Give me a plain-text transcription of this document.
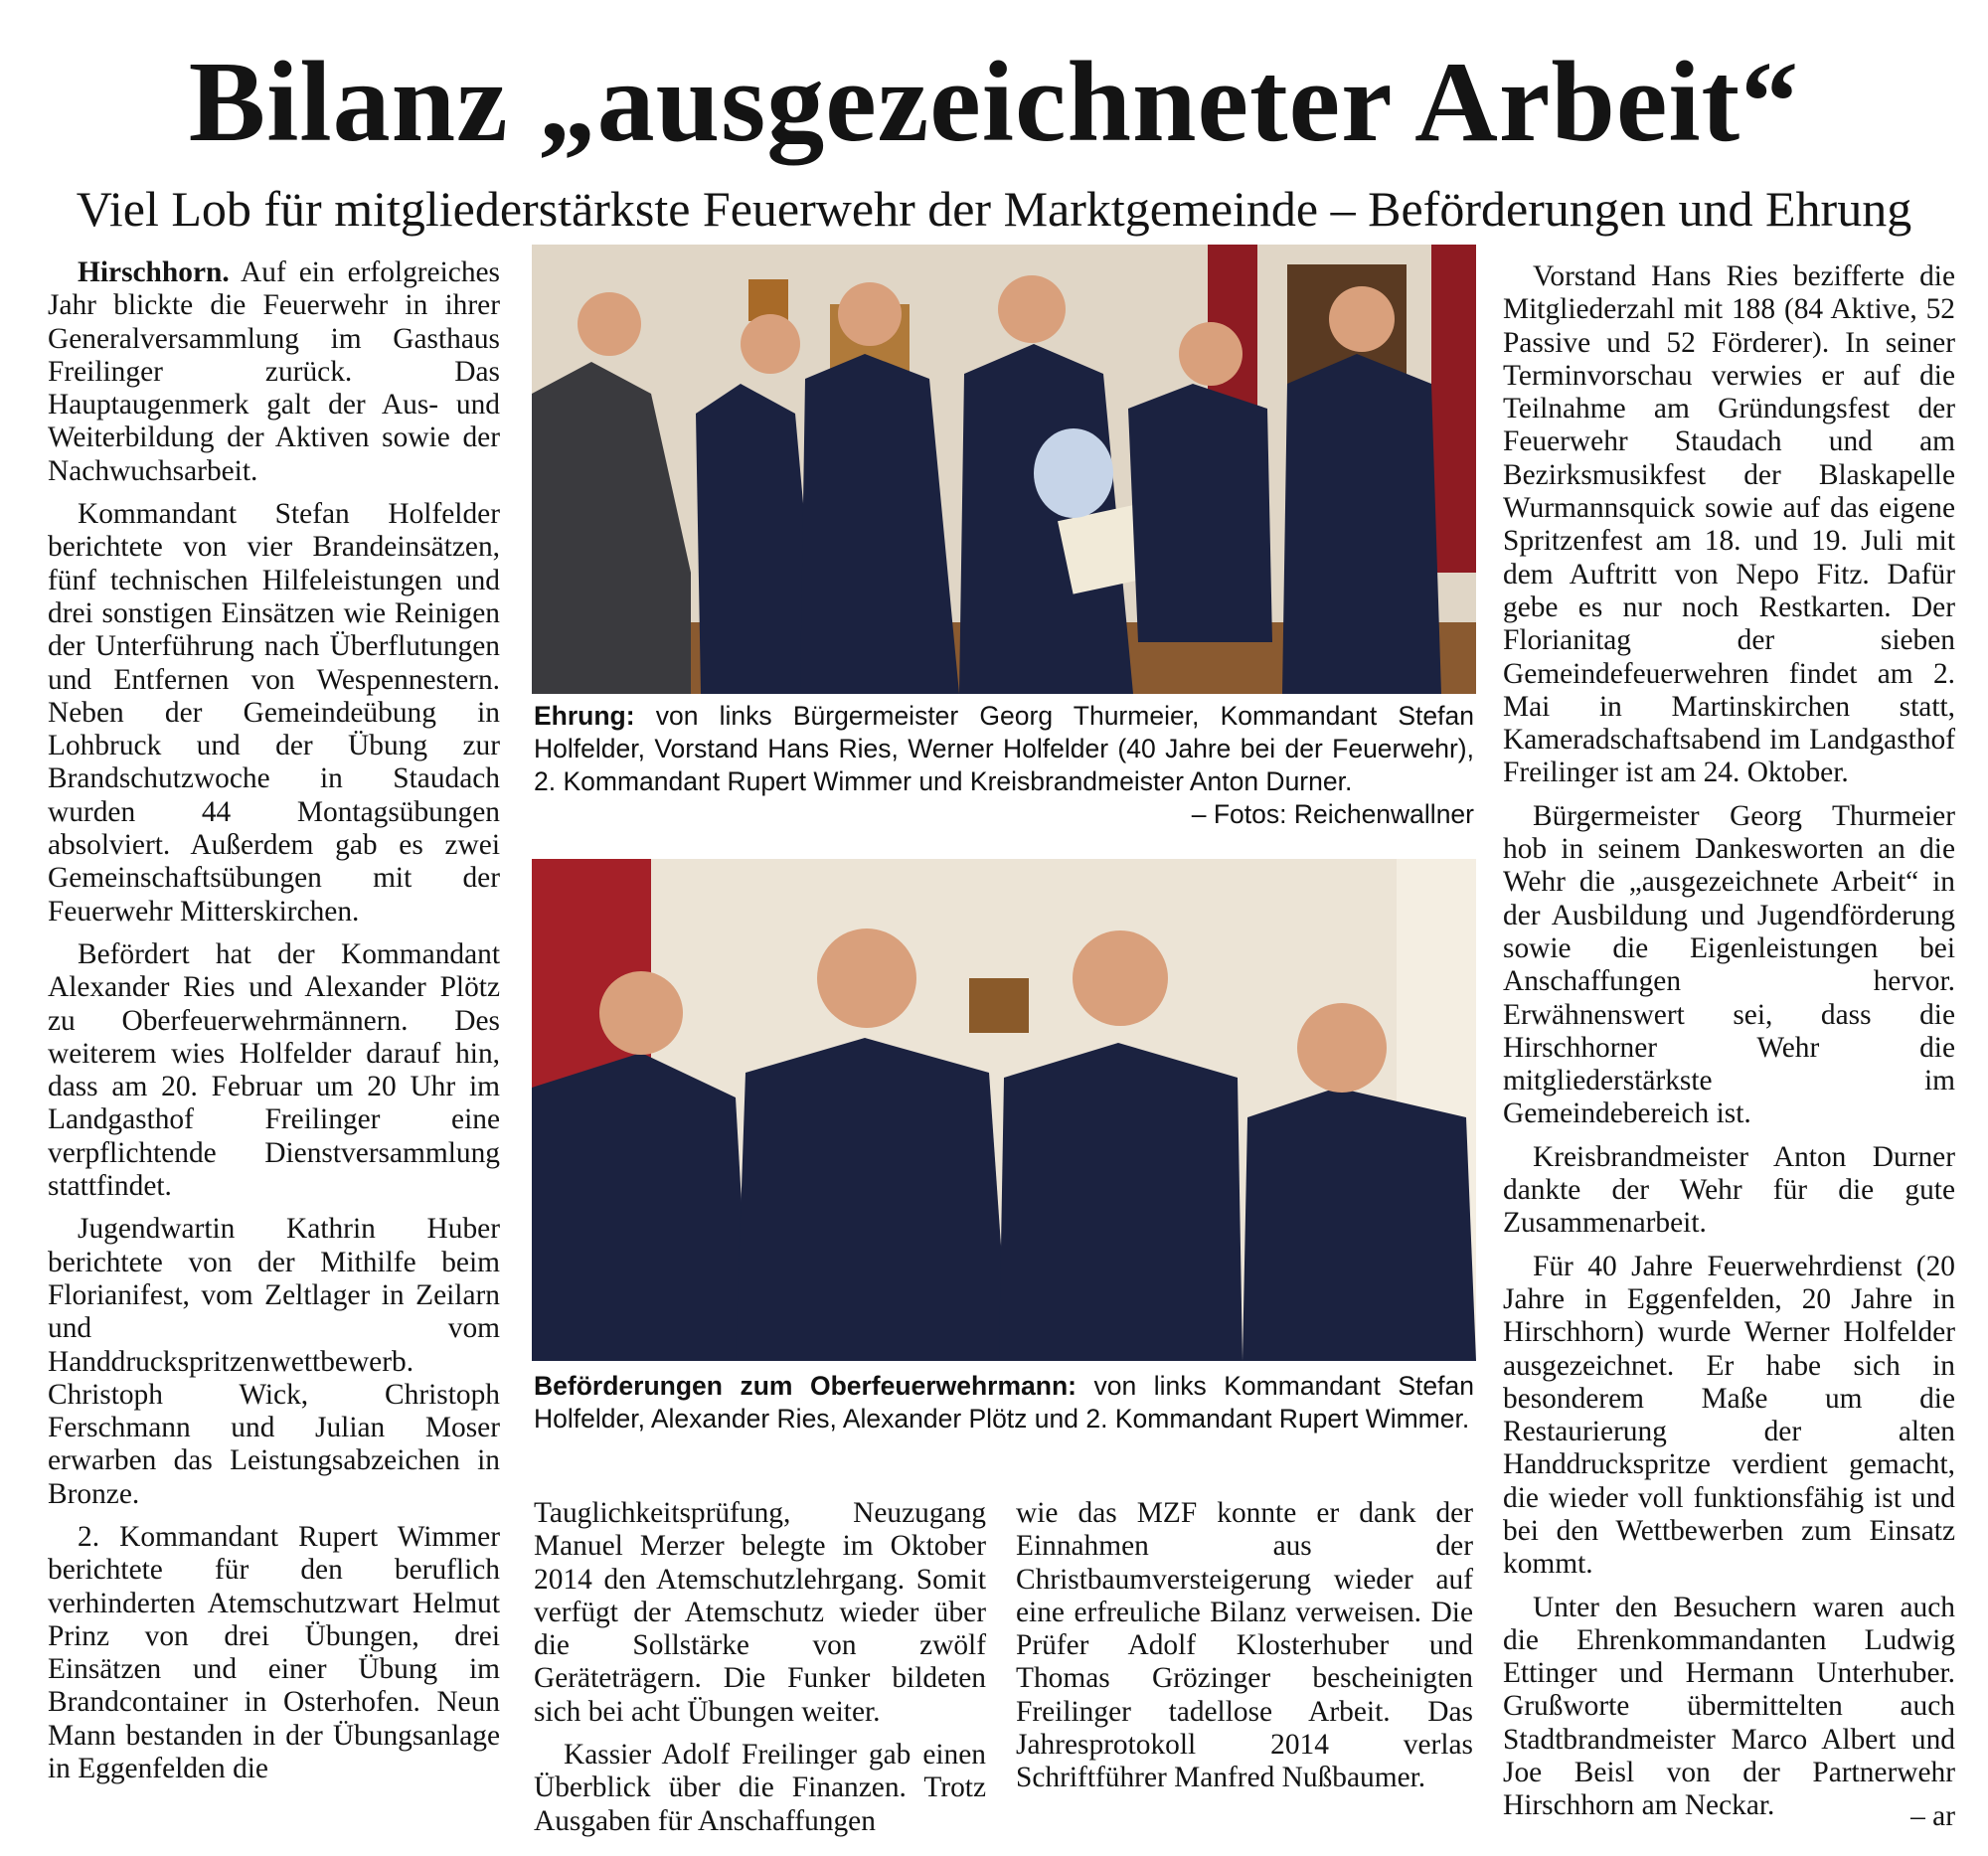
Bilanz „ausgezeichneter Arbeit“
Viel Lob für mitgliederstärkste Feuerwehr der Marktgemeinde – Beförderungen und Ehrung

Hirschhorn. Auf ein erfolgreiches Jahr blickte die Feuerwehr in ihrer Generalversammlung im Gasthaus Freilinger zurück. Das Hauptaugenmerk galt der Aus- und Weiterbildung der Aktiven sowie der Nachwuchsarbeit.

Kommandant Stefan Holfelder berichtete von vier Brandeinsätzen, fünf technischen Hilfeleistungen und drei sonstigen Einsätzen wie Reinigen der Unterführung nach Überflutungen und Entfernen von Wespennestern. Neben der Gemeindeübung in Lohbruck und der Übung zur Brandschutzwoche in Staudach wurden 44 Montagsübungen absolviert. Außerdem gab es zwei Gemeinschaftsübungen mit der Feuerwehr Mitterskirchen.

Befördert hat der Kommandant Alexander Ries und Alexander Plötz zu Oberfeuerwehrmännern. Des weiterem wies Holfelder darauf hin, dass am 20. Februar um 20 Uhr im Landgasthof Freilinger eine verpflichtende Dienstversammlung stattfindet.

Jugendwartin Kathrin Huber berichtete von der Mithilfe beim Florianifest, vom Zeltlager in Zeilarn und vom Handdruckspritzenwettbewerb. Christoph Wick, Christoph Ferschmann und Julian Moser erwarben das Leistungsabzeichen in Bronze.

2. Kommandant Rupert Wimmer berichtete für den beruflich verhinderten Atemschutzwart Helmut Prinz von drei Übungen, drei Einsätzen und einer Übung im Brandcontainer in Osterhofen. Neun Mann bestanden in der Übungsanlage in Eggenfelden die

Ehrung: von links Bürgermeister Georg Thurmeier, Kommandant Stefan Holfelder, Vorstand Hans Ries, Werner Holfelder (40 Jahre bei der Feuerwehr), 2. Kommandant Rupert Wimmer und Kreisbrandmeister Anton Durner.
– Fotos: Reichenwallner
Beförderungen zum Oberfeuerwehrmann: von links Kommandant Stefan Holfelder, Alexander Ries, Alexander Plötz und 2. Kommandant Rupert Wimmer.

Tauglichkeitsprüfung, Neuzugang Manuel Merzer belegte im Oktober 2014 den Atemschutzlehrgang. Somit verfügt der Atemschutz wieder über die Sollstärke von zwölf Geräteträgern. Die Funker bildeten sich bei acht Übungen weiter.

Kassier Adolf Freilinger gab einen Überblick über die Finanzen. Trotz Ausgaben für Anschaffungen

wie das MZF konnte er dank der Einnahmen aus der Christbaumversteigerung wieder auf eine erfreuliche Bilanz verweisen. Die Prüfer Adolf Klosterhuber und Thomas Grözinger bescheinigten Freilinger tadellose Arbeit. Das Jahresprotokoll 2014 verlas Schriftführer Manfred Nußbaumer.

Vorstand Hans Ries bezifferte die Mitgliederzahl mit 188 (84 Aktive, 52 Passive und 52 Förderer). In seiner Terminvorschau verwies er auf die Teilnahme am Gründungsfest der Feuerwehr Staudach und am Bezirksmusikfest der Blaskapelle Wurmannsquick sowie auf das eigene Spritzenfest am 18. und 19. Juli mit dem Auftritt von Nepo Fitz. Dafür gebe es nur noch Restkarten. Der Florianitag der sieben Gemeindefeuerwehren findet am 2. Mai in Martinskirchen statt, Kameradschaftsabend im Landgasthof Freilinger ist am 24. Oktober.

Bürgermeister Georg Thurmeier hob in seinem Dankesworten an die Wehr die „ausgezeichnete Arbeit“ in der Ausbildung und Jugendförderung sowie die Eigenleistungen bei Anschaffungen hervor. Erwähnenswert sei, dass die Hirschhorner Wehr die mitgliederstärkste im Gemeindebereich ist.

Kreisbrandmeister Anton Durner dankte der Wehr für die gute Zusammenarbeit.

Für 40 Jahre Feuerwehrdienst (20 Jahre in Eggenfelden, 20 Jahre in Hirschhorn) wurde Werner Holfelder ausgezeichnet. Er habe sich in besonderem Maße um die Restaurierung der alten Handdruckspritze verdient gemacht, die wieder voll funktionsfähig ist und bei den Wettbewerben zum Einsatz kommt.

Unter den Besuchern waren auch die Ehrenkommandanten Ludwig Ettinger und Hermann Unterhuber. Grußworte übermittelten auch Stadtbrandmeister Marco Albert und Joe Beisl von der Partnerwehr Hirschhorn am Neckar.	– ar
